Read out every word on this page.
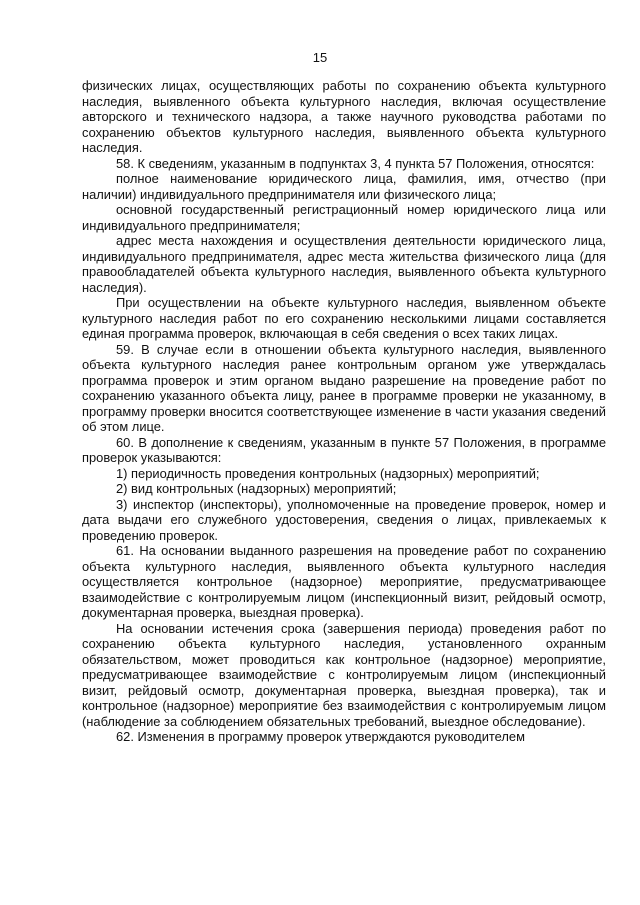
15

физических лицах, осуществляющих работы по сохранению объекта культурного наследия, выявленного объекта культурного наследия, включая осуществление авторского и технического надзора, а также научного руководства работами по сохранению объектов культурного наследия, выявленного объекта культурного наследия.

58. К сведениям, указанным в подпунктах 3, 4 пункта 57 Положения, относятся:

полное наименование юридического лица, фамилия, имя, отчество (при наличии) индивидуального предпринимателя или физического лица;

основной государственный регистрационный номер юридического лица или индивидуального предпринимателя;

адрес места нахождения и осуществления деятельности юридического лица, индивидуального предпринимателя, адрес места жительства физического лица (для правообладателей объекта культурного наследия, выявленного объекта культурного наследия).

При осуществлении на объекте культурного наследия, выявленном объекте культурного наследия работ по его сохранению несколькими лицами составляется единая программа проверок, включающая в себя сведения о всех таких лицах.

59. В случае если в отношении объекта культурного наследия, выявленного объекта культурного наследия ранее контрольным органом уже утверждалась программа проверок и этим органом выдано разрешение на проведение работ по сохранению указанного объекта лицу, ранее в программе проверки не указанному, в программу проверки вносится соответствующее изменение в части указания сведений об этом лице.

60. В дополнение к сведениям, указанным в пункте 57 Положения, в программе проверок указываются:

1) периодичность проведения контрольных (надзорных) мероприятий;

2) вид контрольных (надзорных) мероприятий;

3) инспектор (инспекторы), уполномоченные на проведение проверок, номер и дата выдачи его служебного удостоверения, сведения о лицах, привлекаемых к проведению проверок.

61. На основании выданного разрешения на проведение работ по сохранению объекта культурного наследия, выявленного объекта культурного наследия осуществляется контрольное (надзорное) мероприятие, предусматривающее взаимодействие с контролируемым лицом (инспекционный визит, рейдовый осмотр, документарная проверка, выездная проверка).

На основании истечения срока (завершения периода) проведения работ по сохранению объекта культурного наследия, установленного охранным обязательством, может проводиться как контрольное (надзорное) мероприятие, предусматривающее взаимодействие с контролируемым лицом (инспекционный визит, рейдовый осмотр, документарная проверка, выездная проверка), так и контрольное (надзорное) мероприятие без взаимодействия с контролируемым лицом (наблюдение за соблюдением обязательных требований, выездное обследование).

62. Изменения в программу проверок утверждаются руководителем
